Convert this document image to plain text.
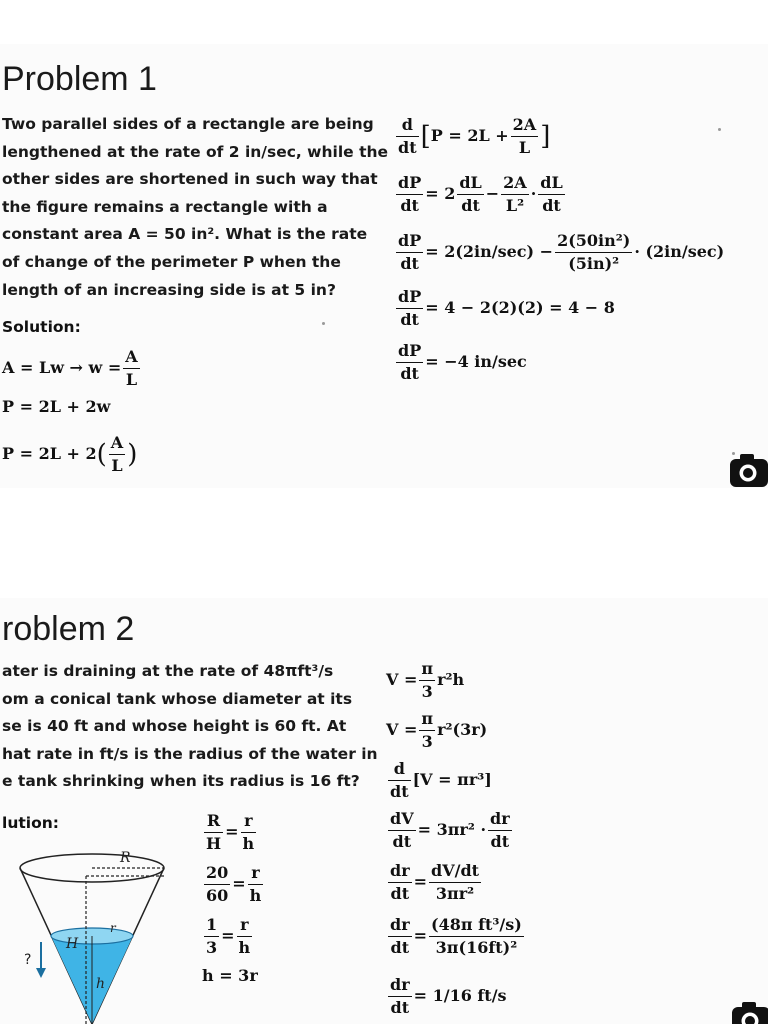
Problem 1
Two parallel sides of a rectangle are being
lengthened at the rate of 2 in/sec, while the
other sides are shortened in such way that
the figure remains a rectangle with a
constant area A = 50 in². What is the rate
of change of the perimeter P when the
length of an increasing side is at 5 in?
Solution:
$A = Lw \to w = \frac{A}{L}$
P = 2L + 2w
$P = 2L + 2( \frac{A}{L}$ )
$\frac{d}{dt} [P = 2L + \frac{2A}{L}$ ]
$\frac{dP}{dt} = 2 \frac{dL}{dt} - \frac{2A}{\text{L²}} \cdot \frac{dL}{dt}$
$\frac{dP}{dt} = 2(2in/\sec) - \frac{\text{2(50in²)}}{\text{(5in)²}} \cdot (2in/\sec)$
$\frac{dP}{dt} = 4 - 2(2)(2) = 4 - 8$
$\frac{dP}{dt} = -4$ in/sec
roblem 2
ater is draining at the rate of 48πft³/s
om a conical tank whose diameter at its
se is 40 ft and whose height is 60 ft. At
hat rate in ft/s is the radius of the water in
e tank shrinking when its radius is 16 ft?
lution:
R
H
r
h
?
$\frac{R}{H} = \frac{r}{h}$
$\frac{20}{60} = \frac{r}{h}$
$\frac{1}{3} = \frac{r}{h}$
h = 3r
$V = \frac{\pi}{3} r^2h$
$V = \frac{\pi}{3} r^2(3r)$
$\frac{d}{dt} [V = \pi r^3]$
$\frac{dV}{dt} = 3\pi r^2 \cdot \frac{dr}{dt}$
$\frac{dr}{dt} = \frac{dV/dt}{\text{3πr²}}$
$\frac{dr}{dt} = \frac{\text{(48π ft³/s)}}{\text{3π(16ft)²}}$
$\frac{dr}{dt} = 1/16$ ft/s
